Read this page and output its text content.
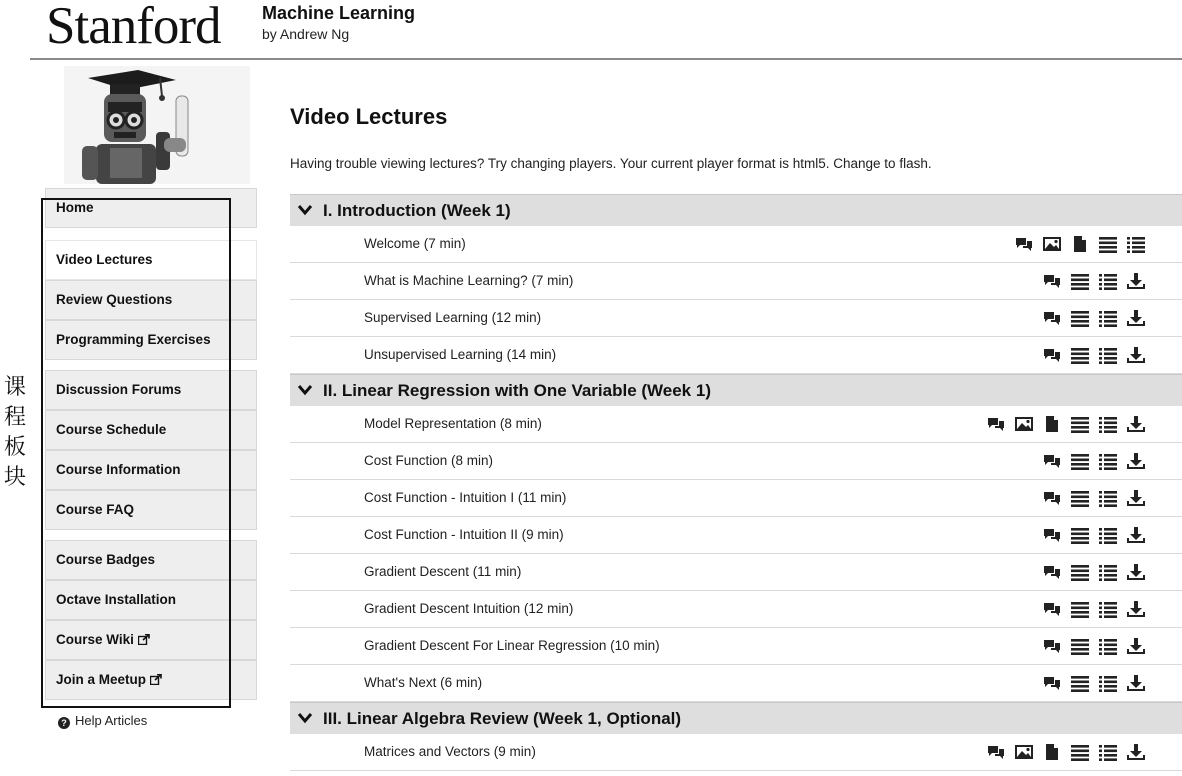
Stanford Machine Learning
by Andrew Ng
课程板块
Home
Video Lectures
Review Questions
Programming Exercises
Discussion Forums
Course Schedule
Course Information
Course FAQ
Course Badges
Octave Installation
Course Wiki
Join a Meetup
? Help Articles
Video Lectures
Having trouble viewing lectures? Try changing players. Your current player format is html5. Change to flash.
I. Introduction (Week 1)
Welcome (7 min)
What is Machine Learning? (7 min)
Supervised Learning (12 min)
Unsupervised Learning (14 min)
II. Linear Regression with One Variable (Week 1)
Model Representation (8 min)
Cost Function (8 min)
Cost Function - Intuition I (11 min)
Cost Function - Intuition II (9 min)
Gradient Descent (11 min)
Gradient Descent Intuition (12 min)
Gradient Descent For Linear Regression (10 min)
What's Next (6 min)
III. Linear Algebra Review (Week 1, Optional)
Matrices and Vectors (9 min)
